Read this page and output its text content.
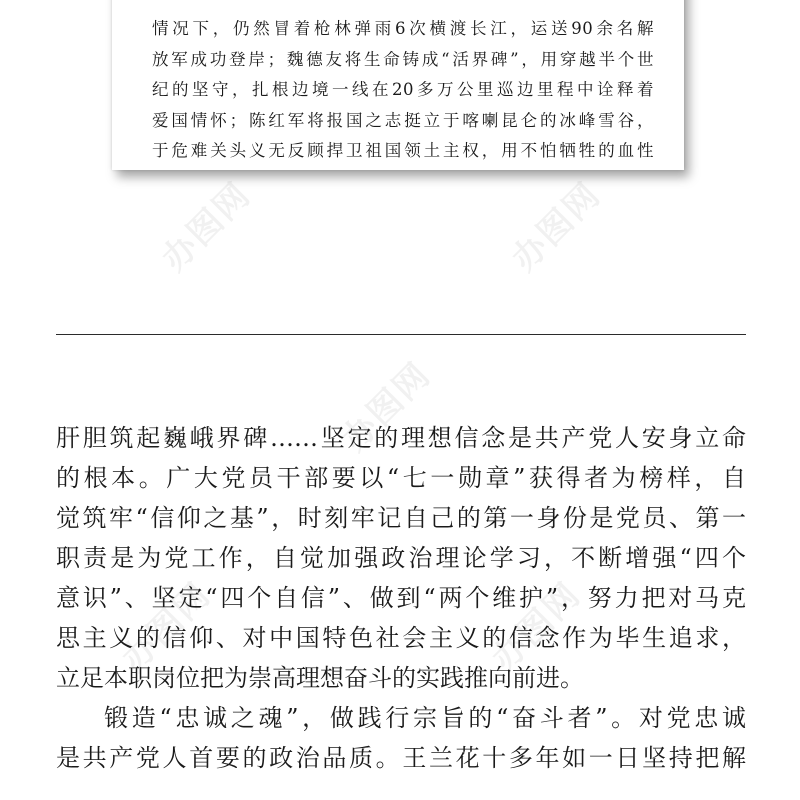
办图网	办图网
办图网
办图网	办图网
情况下，仍然冒着枪林弹雨6次横渡长江，运送90余名解
放军成功登岸；魏德友将生命铸成“活界碑”，用穿越半个世
纪的坚守，扎根边境一线在20多万公里巡边里程中诠释着
爱国情怀；陈红军将报国之志挺立于喀喇昆仑的冰峰雪谷，
于危难关头义无反顾捍卫祖国领土主权，用不怕牺牲的血性
肝胆筑起巍峨界碑……坚定的理想信念是共产党人安身立命
的根本。广大党员干部要以“七一勋章”获得者为榜样，自
觉筑牢“信仰之基”，时刻牢记自己的第一身份是党员、第一
职责是为党工作，自觉加强政治理论学习，不断增强“四个
意识”、坚定“四个自信”、做到“两个维护”，努力把对马克
思主义的信仰、对中国特色社会主义的信念作为毕生追求，
立足本职岗位把为崇高理想奋斗的实践推向前进。
锻造“忠诚之魂”，做践行宗旨的“奋斗者”。对党忠诚
是共产党人首要的政治品质。王兰花十多年如一日坚持把解
